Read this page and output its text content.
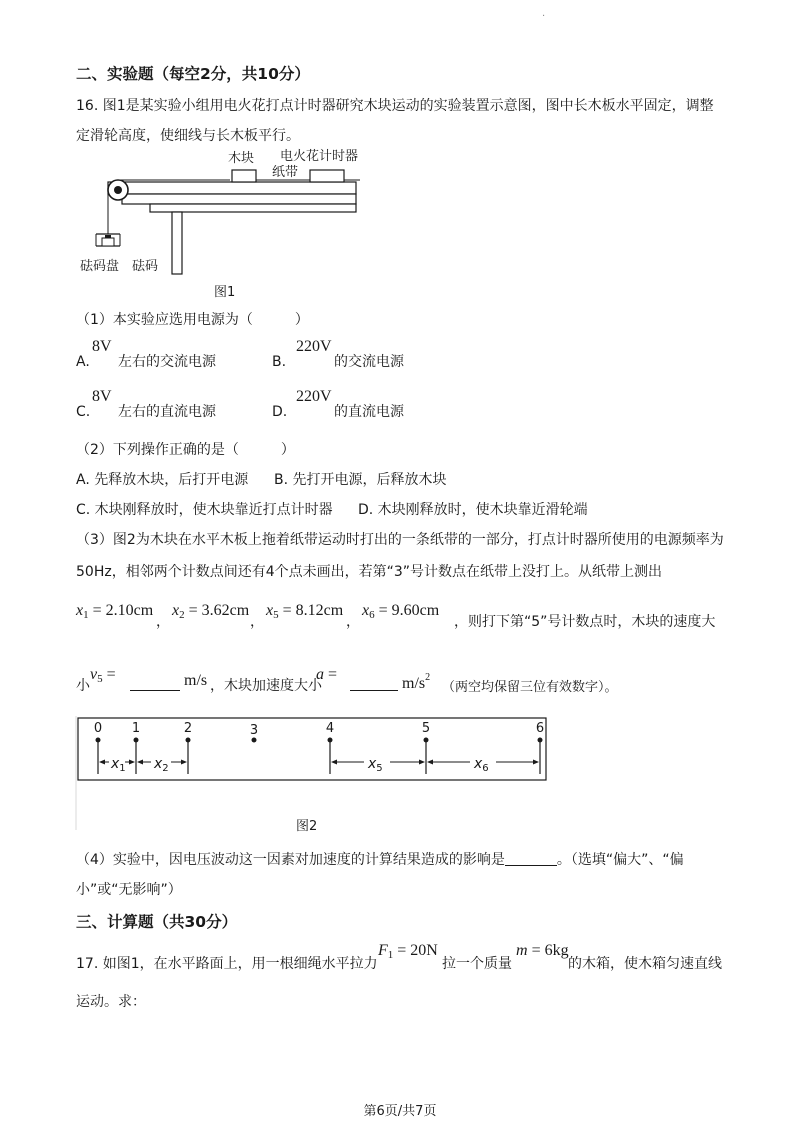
.
二、实验题（每空2分，共10分）
16. 图1是某实验小组用电火花打点计时器研究木块运动的实验装置示意图，图中长木板水平固定，调整
定滑轮高度，使细线与长木板平行。
木块 电火花计时器
纸带
砝码盘 砝码
图1
（1）本实验应选用电源为（　　　）
A.
8V
左右的交流电源	B.
220V
的交流电源
C.
8V
左右的直流电源	D.
220V
的直流电源
（2）下列操作正确的是（　　　）
A. 先释放木块，后打开电源 B. 先打开电源，后释放木块
C. 木块刚释放时，使木块靠近打点计时器 D. 木块刚释放时，使木块靠近滑轮端
（3）图2为木块在水平木板上拖着纸带运动时打出的一条纸带的一部分，打点计时器所使用的电源频率为
50Hz，相邻两个计数点间还有4个点未画出，若第“3”号计数点在纸带上没打上。从纸带上测出
$x_1 = 2.10cm$
，
$x_2 = 3.62cm$
，
$x_5 = 8.12cm$
，
$x_6 = 9.60cm$
，则打下第“5”号计数点时，木块的速度大
小
$v_5$ =	m/s ，木块加速度大小
a =
$m/s^2$
（两空均保留三位有效数字）。
0 1	2	3	4	5	6
$x_1$ $x_2$	$x_5$	$x_6$
图2
（4）实验中，因电压波动这一因素对加速度的计算结果造成的影响是	。（选填“偏大”、“偏
小”或“无影响”）
三、计算题（共30分）
17. 如图1，在水平路面上，用一根细绳水平拉力
$F_1 = 20N$
拉一个质量
m = 6kg
的木箱，使木箱匀速直线
运动。求：
第6页/共7页
